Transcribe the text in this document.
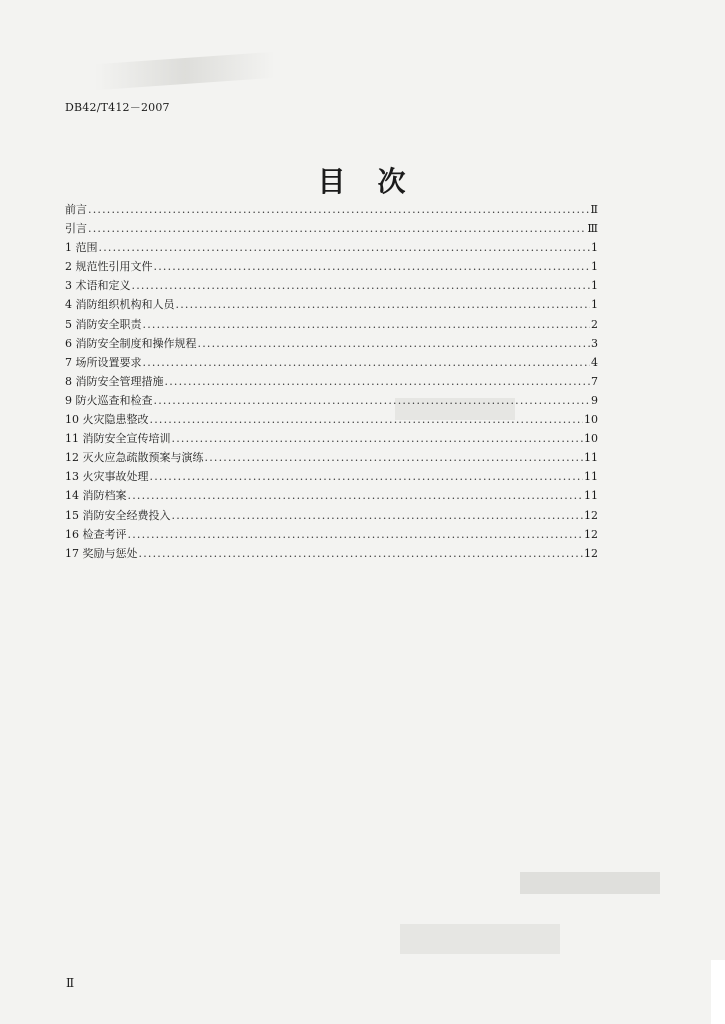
DB42/T412－2007
目　次
前言 .....	Ⅱ
引言 .....	Ⅲ
1 范围 .....	1
2 规范性引用文件 .....	1
3 术语和定义 .....	1
4 消防组织机构和人员 .....	1
5 消防安全职责 .....	2
6 消防安全制度和操作规程 .....	3
7 场所设置要求 .....	4
8 消防安全管理措施 .....	7
9 防火巡查和检查 .....	9
10 火灾隐患整改 .....	10
11 消防安全宣传培训 .....	10
12 灭火应急疏散预案与演练 .....	11
13 火灾事故处理 .....	11
14 消防档案 .....	11
15 消防安全经费投入 .....	12
16 检查考评 .....	12
17 奖励与惩处 .....	12
Ⅱ
